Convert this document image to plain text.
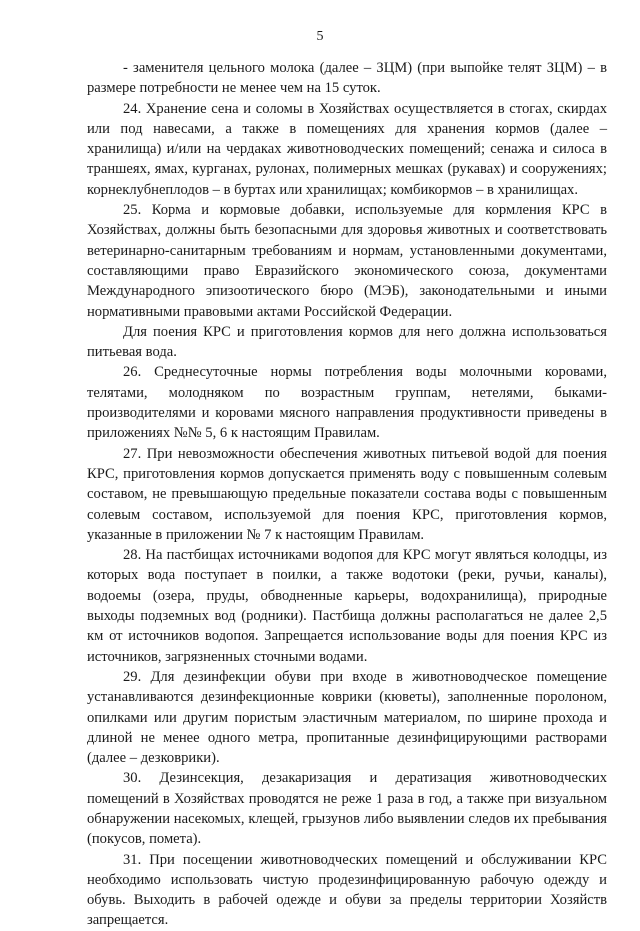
5

- заменителя цельного молока (далее – ЗЦМ) (при выпойке телят ЗЦМ) – в размере потребности не менее чем на 15 суток.

24. Хранение сена и соломы в Хозяйствах осуществляется в стогах, скирдах или под навесами, а также в помещениях для хранения кормов (далее – хранилища) и/или на чердаках животноводческих помещений; сенажа и силоса в траншеях, ямах, курганах, рулонах, полимерных мешках (рукавах) и сооружениях; корнеклубнеплодов – в буртах или хранилищах; комбикормов – в хранилищах.

25. Корма и кормовые добавки, используемые для кормления КРС в Хозяйствах, должны быть безопасными для здоровья животных и соответствовать ветеринарно-санитарным требованиям и нормам, установленными документами, составляющими право Евразийского экономического союза, документами Международного эпизоотического бюро (МЭБ), законодательными и иными нормативными правовыми актами Российской Федерации.

Для поения КРС и приготовления кормов для него должна использоваться питьевая вода.

26. Среднесуточные нормы потребления воды молочными коровами, телятами, молодняком по возрастным группам, нетелями, быками-производителями и коровами мясного направления продуктивности приведены в приложениях №№ 5, 6 к настоящим Правилам.

27. При невозможности обеспечения животных питьевой водой для поения КРС, приготовления кормов допускается применять воду с повышенным солевым составом, не превышающую предельные показатели состава воды с повышенным солевым составом, используемой для поения КРС, приготовления кормов, указанные в приложении № 7 к настоящим Правилам.

28. На пастбищах источниками водопоя для КРС могут являться колодцы, из которых вода поступает в поилки, а также водотоки (реки, ручьи, каналы), водоемы (озера, пруды, обводненные карьеры, водохранилища), природные выходы подземных вод (родники). Пастбища должны располагаться не далее 2,5 км от источников водопоя. Запрещается использование воды для поения КРС из источников, загрязненных сточными водами.

29. Для дезинфекции обуви при входе в животноводческое помещение устанавливаются дезинфекционные коврики (кюветы), заполненные поролоном, опилками или другим пористым эластичным материалом, по ширине прохода и длиной не менее одного метра, пропитанные дезинфицирующими растворами (далее – дезковрики).

30. Дезинсекция, дезакаризация и дератизация животноводческих помещений в Хозяйствах проводятся не реже 1 раза в год, а также при визуальном обнаружении насекомых, клещей, грызунов либо выявлении следов их пребывания (покусов, помета).

31. При посещении животноводческих помещений и обслуживании КРС необходимо использовать чистую продезинфицированную рабочую одежду и обувь. Выходить в рабочей одежде и обуви за пределы территории Хозяйств запрещается.
